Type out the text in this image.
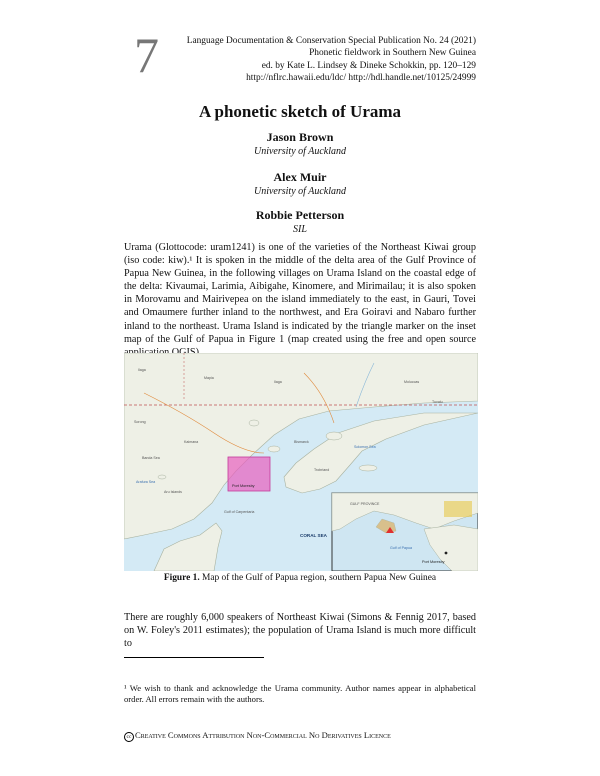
7	Language Documentation & Conservation Special Publication No. 24 (2021)
Phonetic fieldwork in Southern New Guinea
ed. by Kate L. Lindsey & Dineke Schokkin, pp. 120–129
http://nflrc.hawaii.edu/ldc/ http://hdl.handle.net/10125/24999
A phonetic sketch of Urama
Jason Brown
University of Auckland
Alex Muir
University of Auckland
Robbie Petterson
SIL
Urama (Glottocode: uram1241) is one of the varieties of the Northeast Kiwai group (iso code: kiw).¹ It is spoken in the middle of the delta area of the Gulf Province of Papua New Guinea, in the following villages on Urama Island on the coastal edge of the delta: Kivaumai, Larimia, Aibigahe, Kinomere, and Mirimailau; it is also spoken in Morovamu and Mairivepea on the island immediately to the east, in Gauri, Tovei and Omaumere further inland to the northwest, and Era Goiravi and Nabaro further inland to the northeast. Urama Island is indicated by the triangle marker on the inset map of the Gulf of Papua in Figure 1 (map created using the free and open source
Ilaga
Mapia
Ilaga	Moluccas
Sorong
Kaimana
Banda Sea
Aru Islands
Gulf of Carpentaria
Trobriand
Bismarck
Tuvalu
Solomon Sea
Arafura Sea
Port Moresby
CORAL SEA
Port Moresby
Gulf of Papua
GULF PROVINCE
Figure 1. Map of the Gulf of Papua region, southern Papua New Guinea
There are roughly 6,000 speakers of Northeast Kiwai (Simons & Fennig 2017, based on W. Foley's 2011 estimates); the population of Urama Island is much more difficult to
¹ We wish to thank and acknowledge the Urama community. Author names appear in alphabetical order. All errors remain with the authors.
cc Creative Commons Attribution Non-Commercial No Derivatives Licence
